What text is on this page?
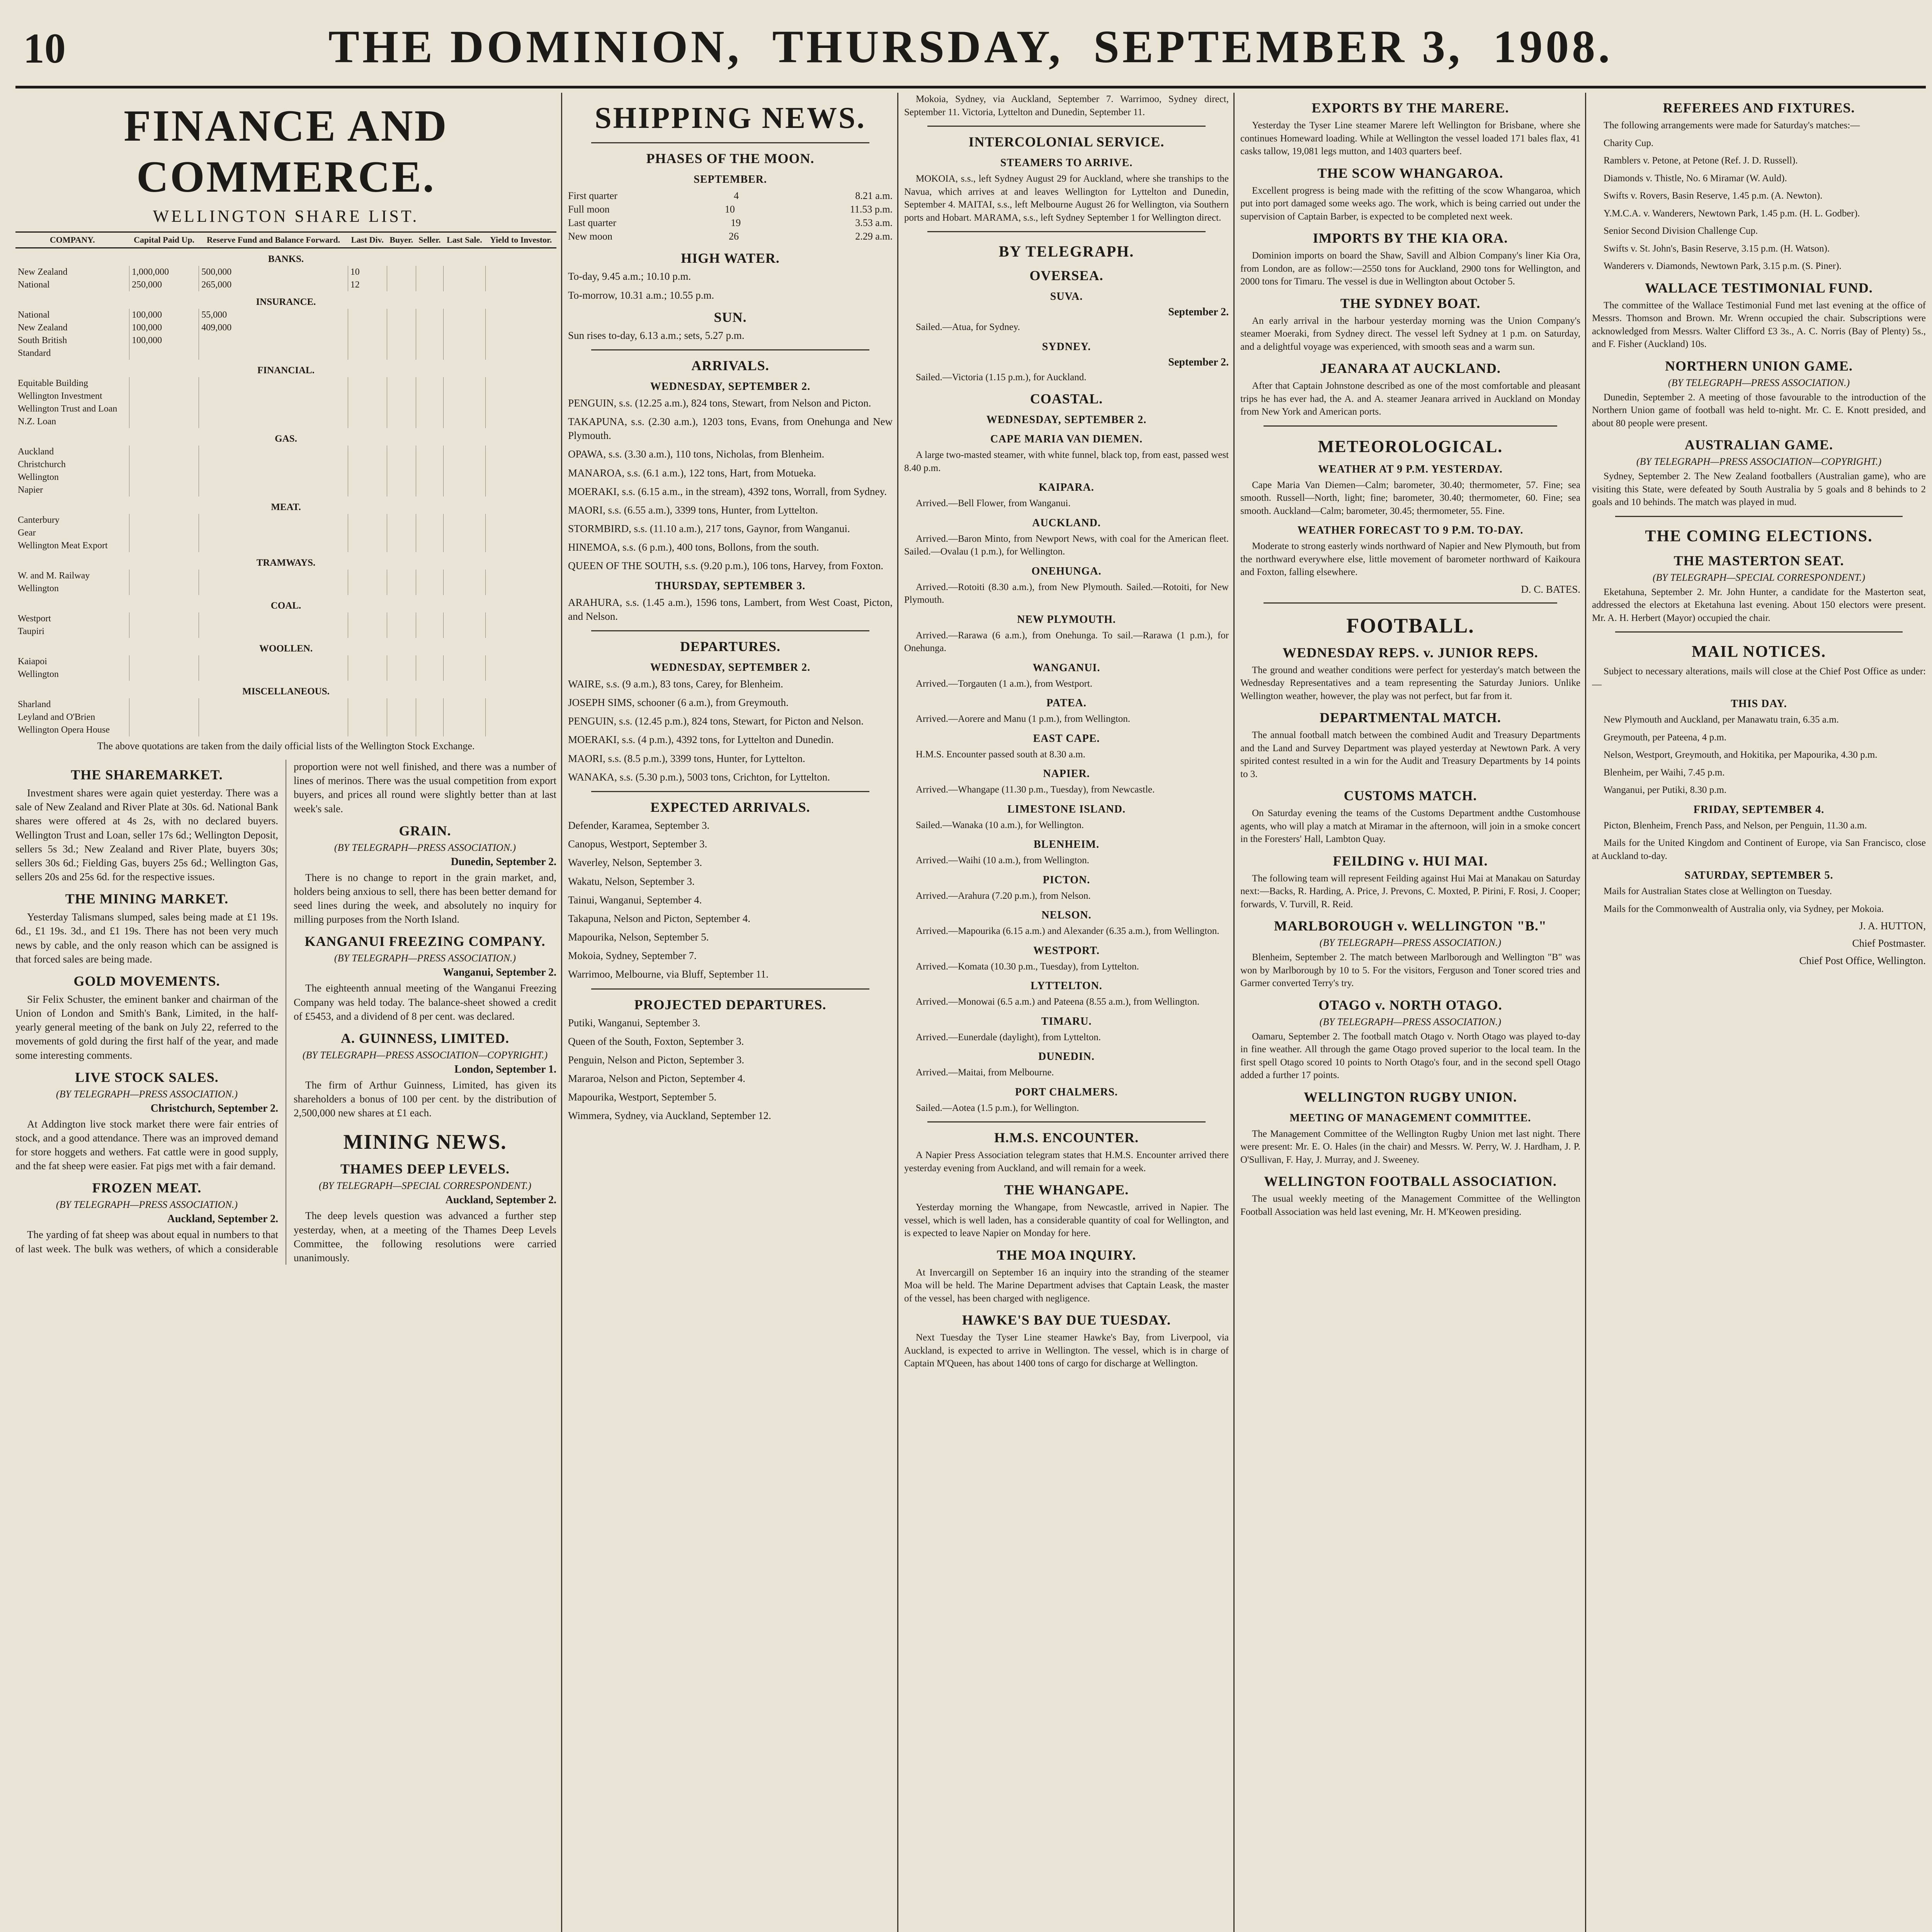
10	THE DOMINION, THURSDAY, SEPTEMBER 3, 1908.
FINANCE AND COMMERCE.
WELLINGTON SHARE LIST.
COMPANY.	Capital Paid Up.	Reserve Fund and Balance Forward.	Last Div.	Buyer.	Seller.	Last Sale.	Yield to Investor.
BANKS.							
New Zealand	1,000,000	500,000	10				
National	250,000	265,000	12				
INSURANCE.							
National	100,000	55,000					
New Zealand	100,000	409,000					
South British	100,000						
Standard							
FINANCIAL.							
Equitable Building							
Wellington Investment							
Wellington Trust and Loan							
N.Z. Loan							
GAS.							
Auckland							
Christchurch							
Wellington							
Napier							
MEAT.							
Canterbury							
Gear							
Wellington Meat Export							
TRAMWAYS.							
W. and M. Railway							
Wellington							
COAL.							
Westport							
Taupiri							
WOOLLEN.							
Kaiapoi							
Wellington							
MISCELLANEOUS.							
Sharland							
Leyland and O'Brien							
Wellington Opera House							
The above quotations are taken from the daily official lists of the Wellington Stock Exchange.
THE SHAREMARKET.

Investment shares were again quiet yesterday. There was a sale of New Zealand and River Plate at 30s. 6d. National Bank shares were offered at 4s 2s, with no declared buyers. Wellington Trust and Loan, seller 17s 6d.; Wellington Deposit, sellers 5s 3d.; New Zealand and River Plate, buyers 30s; sellers 30s 6d.; Fielding Gas, buyers 25s 6d.; Wellington Gas, sellers 20s and 25s 6d. for the respective issues.

THE MINING MARKET.

Yesterday Talismans slumped, sales being made at £1 19s. 6d., £1 19s. 3d., and £1 19s. There has not been very much news by cable, and the only reason which can be assigned is that forced sales are being made.

GOLD MOVEMENTS.

Sir Felix Schuster, the eminent banker and chairman of the Union of London and Smith's Bank, Limited, in the half-yearly general meeting of the bank on July 22, referred to the movements of gold during the first half of the year, and made some interesting comments.

LIVE STOCK SALES.
(BY TELEGRAPH—PRESS ASSOCIATION.)
Christchurch, September 2.

At Addington live stock market there were fair entries of stock, and a good attendance. There was an improved demand for store hoggets and wethers. Fat cattle were in good supply, and the fat sheep were easier. Fat pigs met with a fair demand.

FROZEN MEAT.
(BY TELEGRAPH—PRESS ASSOCIATION.)
Auckland, September 2.

The yarding of fat sheep was about equal in numbers to that of last week. The bulk was wethers, of which a considerable proportion were not well finished, and there was a number of lines of merinos. There was the usual competition from export buyers, and prices all round were slightly better than at last week's sale.

GRAIN.
(BY TELEGRAPH—PRESS ASSOCIATION.)
Dunedin, September 2.

There is no change to report in the grain market, and, holders being anxious to sell, there has been better demand for seed lines during the week, and absolutely no inquiry for milling purposes from the North Island.

KANGANUI FREEZING COMPANY.
(BY TELEGRAPH—PRESS ASSOCIATION.)
Wanganui, September 2.

The eighteenth annual meeting of the Wanganui Freezing Company was held today. The balance-sheet showed a credit of £5453, and a dividend of 8 per cent. was declared.

A. GUINNESS, LIMITED.
(BY TELEGRAPH—PRESS ASSOCIATION—COPYRIGHT.)
London, September 1.

The firm of Arthur Guinness, Limited, has given its shareholders a bonus of 100 per cent. by the distribution of 2,500,000 new shares at £1 each.

MINING NEWS.
THAMES DEEP LEVELS.
(BY TELEGRAPH—SPECIAL CORRESPONDENT.)
Auckland, September 2.

The deep levels question was advanced a further step yesterday, when, at a meeting of the Thames Deep Levels Committee, the following resolutions were carried unanimously.

SHIPPING NEWS.
PHASES OF THE MOON.
SEPTEMBER.
First quarter	4	8.21 a.m.
Full moon	10	11.53 p.m.
Last quarter	19	3.53 a.m.
New moon	26	2.29 a.m.
HIGH WATER.

To-day, 9.45 a.m.; 10.10 p.m.

To-morrow, 10.31 a.m.; 10.55 p.m.

SUN.

Sun rises to-day, 6.13 a.m.; sets, 5.27 p.m.

ARRIVALS.
WEDNESDAY, SEPTEMBER 2.

PENGUIN, s.s. (12.25 a.m.), 824 tons, Stewart, from Nelson and Picton.

TAKAPUNA, s.s. (2.30 a.m.), 1203 tons, Evans, from Onehunga and New Plymouth.

OPAWA, s.s. (3.30 a.m.), 110 tons, Nicholas, from Blenheim.

MANAROA, s.s. (6.1 a.m.), 122 tons, Hart, from Motueka.

MOERAKI, s.s. (6.15 a.m., in the stream), 4392 tons, Worrall, from Sydney.

MAORI, s.s. (6.55 a.m.), 3399 tons, Hunter, from Lyttelton.

STORMBIRD, s.s. (11.10 a.m.), 217 tons, Gaynor, from Wanganui.

HINEMOA, s.s. (6 p.m.), 400 tons, Bollons, from the south.

QUEEN OF THE SOUTH, s.s. (9.20 p.m.), 106 tons, Harvey, from Foxton.

THURSDAY, SEPTEMBER 3.

ARAHURA, s.s. (1.45 a.m.), 1596 tons, Lambert, from West Coast, Picton, and Nelson.

DEPARTURES.
WEDNESDAY, SEPTEMBER 2.

WAIRE, s.s. (9 a.m.), 83 tons, Carey, for Blenheim.

JOSEPH SIMS, schooner (6 a.m.), from Greymouth.

PENGUIN, s.s. (12.45 p.m.), 824 tons, Stewart, for Picton and Nelson.

MOERAKI, s.s. (4 p.m.), 4392 tons, for Lyttelton and Dunedin.

MAORI, s.s. (8.5 p.m.), 3399 tons, Hunter, for Lyttelton.

WANAKA, s.s. (5.30 p.m.), 5003 tons, Crichton, for Lyttelton.

EXPECTED ARRIVALS.

Defender, Karamea, September 3.

Canopus, Westport, September 3.

Waverley, Nelson, September 3.

Wakatu, Nelson, September 3.

Tainui, Wanganui, September 4.

Takapuna, Nelson and Picton, September 4.

Mapourika, Nelson, September 5.

Mokoia, Sydney, September 7.

Warrimoo, Melbourne, via Bluff, September 11.

PROJECTED DEPARTURES.

Putiki, Wanganui, September 3.

Queen of the South, Foxton, September 3.

Penguin, Nelson and Picton, September 3.

Mararoa, Nelson and Picton, September 4.

Mapourika, Westport, September 5.

Wimmera, Sydney, via Auckland, September 12.

Mokoia, Sydney, via Auckland, September 7. Warrimoo, Sydney direct, September 11. Victoria, Lyttelton and Dunedin, September 11.

INTERCOLONIAL SERVICE.
STEAMERS TO ARRIVE.

MOKOIA, s.s., left Sydney August 29 for Auckland, where she tranships to the Navua, which arrives at and leaves Wellington for Lyttelton and Dunedin, September 4. MAITAI, s.s., left Melbourne August 26 for Wellington, via Southern ports and Hobart. MARAMA, s.s., left Sydney September 1 for Wellington direct.

BY TELEGRAPH.
OVERSEA.
SUVA.
September 2.

Sailed.—Atua, for Sydney.

SYDNEY.
September 2.

Sailed.—Victoria (1.15 p.m.), for Auckland.

COASTAL.
WEDNESDAY, SEPTEMBER 2.
CAPE MARIA VAN DIEMEN.

A large two-masted steamer, with white funnel, black top, from east, passed west 8.40 p.m.

KAIPARA.

Arrived.—Bell Flower, from Wanganui.

AUCKLAND.

Arrived.—Baron Minto, from Newport News, with coal for the American fleet. Sailed.—Ovalau (1 p.m.), for Wellington.

ONEHUNGA.

Arrived.—Rotoiti (8.30 a.m.), from New Plymouth. Sailed.—Rotoiti, for New Plymouth.

NEW PLYMOUTH.

Arrived.—Rarawa (6 a.m.), from Onehunga. To sail.—Rarawa (1 p.m.), for Onehunga.

WANGANUI.

Arrived.—Torgauten (1 a.m.), from Westport.

PATEA.

Arrived.—Aorere and Manu (1 p.m.), from Wellington.

EAST CAPE.

H.M.S. Encounter passed south at 8.30 a.m.

NAPIER.

Arrived.—Whangape (11.30 p.m., Tuesday), from Newcastle.

LIMESTONE ISLAND.

Sailed.—Wanaka (10 a.m.), for Wellington.

BLENHEIM.

Arrived.—Waihi (10 a.m.), from Wellington.

PICTON.

Arrived.—Arahura (7.20 p.m.), from Nelson.

NELSON.

Arrived.—Mapourika (6.15 a.m.) and Alexander (6.35 a.m.), from Wellington.

WESTPORT.

Arrived.—Komata (10.30 p.m., Tuesday), from Lyttelton.

LYTTELTON.

Arrived.—Monowai (6.5 a.m.) and Pateena (8.55 a.m.), from Wellington.

TIMARU.

Arrived.—Eunerdale (daylight), from Lyttelton.

DUNEDIN.

Arrived.—Maitai, from Melbourne.

PORT CHALMERS.

Sailed.—Aotea (1.5 p.m.), for Wellington.

H.M.S. ENCOUNTER.

A Napier Press Association telegram states that H.M.S. Encounter arrived there yesterday evening from Auckland, and will remain for a week.

THE WHANGAPE.

Yesterday morning the Whangape, from Newcastle, arrived in Napier. The vessel, which is well laden, has a considerable quantity of coal for Wellington, and is expected to leave Napier on Monday for here.

THE MOA INQUIRY.

At Invercargill on September 16 an inquiry into the stranding of the steamer Moa will be held. The Marine Department advises that Captain Leask, the master of the vessel, has been charged with negligence.

HAWKE'S BAY DUE TUESDAY.

Next Tuesday the Tyser Line steamer Hawke's Bay, from Liverpool, via Auckland, is expected to arrive in Wellington. The vessel, which is in charge of Captain M'Queen, has about 1400 tons of cargo for discharge at Wellington.

EXPORTS BY THE MARERE.

Yesterday the Tyser Line steamer Marere left Wellington for Brisbane, where she continues Homeward loading. While at Wellington the vessel loaded 171 bales flax, 41 casks tallow, 19,081 legs mutton, and 1403 quarters beef.

THE SCOW WHANGAROA.

Excellent progress is being made with the refitting of the scow Whangaroa, which put into port damaged some weeks ago. The work, which is being carried out under the supervision of Captain Barber, is expected to be completed next week.

IMPORTS BY THE KIA ORA.

Dominion imports on board the Shaw, Savill and Albion Company's liner Kia Ora, from London, are as follow:—2550 tons for Auckland, 2900 tons for Wellington, and 2000 tons for Timaru. The vessel is due in Wellington about October 5.

THE SYDNEY BOAT.

An early arrival in the harbour yesterday morning was the Union Company's steamer Moeraki, from Sydney direct. The vessel left Sydney at 1 p.m. on Saturday, and a delightful voyage was experienced, with smooth seas and a warm sun.

JEANARA AT AUCKLAND.

After that Captain Johnstone described as one of the most comfortable and pleasant trips he has ever had, the A. and A. steamer Jeanara arrived in Auckland on Monday from New York and American ports.

METEOROLOGICAL.
WEATHER AT 9 P.M. YESTERDAY.

Cape Maria Van Diemen—Calm; barometer, 30.40; thermometer, 57. Fine; sea smooth. Russell—North, light; fine; barometer, 30.40; thermometer, 60. Fine; sea smooth. Auckland—Calm; barometer, 30.45; thermometer, 55. Fine.

WEATHER FORECAST TO 9 P.M. TO-DAY.

Moderate to strong easterly winds northward of Napier and New Plymouth, but from the northward everywhere else, little movement of barometer northward of Kaikoura and Foxton, falling elsewhere.

D. C. BATES.
FOOTBALL.
WEDNESDAY REPS. v. JUNIOR REPS.

The ground and weather conditions were perfect for yesterday's match between the Wednesday Representatives and a team representing the Saturday Juniors. Unlike Wellington weather, however, the play was not perfect, but far from it.

DEPARTMENTAL MATCH.

The annual football match between the combined Audit and Treasury Departments and the Land and Survey Department was played yesterday at Newtown Park. A very spirited contest resulted in a win for the Audit and Treasury Departments by 14 points to 3.

CUSTOMS MATCH.

On Saturday evening the teams of the Customs Department andthe Customhouse agents, who will play a match at Miramar in the afternoon, will join in a smoke concert in the Foresters' Hall, Lambton Quay.

FEILDING v. HUI MAI.

The following team will represent Feilding against Hui Mai at Manakau on Saturday next:—Backs, R. Harding, A. Price, J. Prevons, C. Moxted, P. Pirini, F. Rosi, J. Cooper; forwards, V. Turvill, R. Reid.

MARLBOROUGH v. WELLINGTON "B."
(BY TELEGRAPH—PRESS ASSOCIATION.)

Blenheim, September 2. The match between Marlborough and Wellington "B" was won by Marlborough by 10 to 5. For the visitors, Ferguson and Toner scored tries and Garmer converted Terry's try.

OTAGO v. NORTH OTAGO.
(BY TELEGRAPH—PRESS ASSOCIATION.)

Oamaru, September 2. The football match Otago v. North Otago was played to-day in fine weather. All through the game Otago proved superior to the local team. In the first spell Otago scored 10 points to North Otago's four, and in the second spell Otago added a further 17 points.

WELLINGTON RUGBY UNION.
MEETING OF MANAGEMENT COMMITTEE.

The Management Committee of the Wellington Rugby Union met last night. There were present: Mr. E. O. Hales (in the chair) and Messrs. W. Perry, W. J. Hardham, J. P. O'Sullivan, F. Hay, J. Murray, and J. Sweeney.

WELLINGTON FOOTBALL ASSOCIATION.

The usual weekly meeting of the Management Committee of the Wellington Football Association was held last evening, Mr. H. M'Keowen presiding.

REFEREES AND FIXTURES.

The following arrangements were made for Saturday's matches:—

Charity Cup.

Ramblers v. Petone, at Petone (Ref. J. D. Russell).

Diamonds v. Thistle, No. 6 Miramar (W. Auld).

Swifts v. Rovers, Basin Reserve, 1.45 p.m. (A. Newton).

Y.M.C.A. v. Wanderers, Newtown Park, 1.45 p.m. (H. L. Godber).

Senior Second Division Challenge Cup.

Swifts v. St. John's, Basin Reserve, 3.15 p.m. (H. Watson).

Wanderers v. Diamonds, Newtown Park, 3.15 p.m. (S. Piner).

WALLACE TESTIMONIAL FUND.

The committee of the Wallace Testimonial Fund met last evening at the office of Messrs. Thomson and Brown. Mr. Wrenn occupied the chair. Subscriptions were acknowledged from Messrs. Walter Clifford £3 3s., A. C. Norris (Bay of Plenty) 5s., and F. Fisher (Auckland) 10s.

NORTHERN UNION GAME.
(BY TELEGRAPH—PRESS ASSOCIATION.)

Dunedin, September 2. A meeting of those favourable to the introduction of the Northern Union game of football was held to-night. Mr. C. E. Knott presided, and about 80 people were present.

AUSTRALIAN GAME.
(BY TELEGRAPH—PRESS ASSOCIATION—COPYRIGHT.)

Sydney, September 2. The New Zealand footballers (Australian game), who are visiting this State, were defeated by South Australia by 5 goals and 8 behinds to 2 goals and 10 behinds. The match was played in mud.

THE COMING ELECTIONS.
THE MASTERTON SEAT.
(BY TELEGRAPH—SPECIAL CORRESPONDENT.)

Eketahuna, September 2. Mr. John Hunter, a candidate for the Masterton seat, addressed the electors at Eketahuna last evening. About 150 electors were present. Mr. A. H. Herbert (Mayor) occupied the chair.

MAIL NOTICES.

Subject to necessary alterations, mails will close at the Chief Post Office as under:—

THIS DAY.

New Plymouth and Auckland, per Manawatu train, 6.35 a.m.

Greymouth, per Pateena, 4 p.m.

Nelson, Westport, Greymouth, and Hokitika, per Mapourika, 4.30 p.m.

Blenheim, per Waihi, 7.45 p.m.

Wanganui, per Putiki, 8.30 p.m.

FRIDAY, SEPTEMBER 4.

Picton, Blenheim, French Pass, and Nelson, per Penguin, 11.30 a.m.

Mails for the United Kingdom and Continent of Europe, via San Francisco, close at Auckland to-day.

SATURDAY, SEPTEMBER 5.

Mails for Australian States close at Wellington on Tuesday.

Mails for the Commonwealth of Australia only, via Sydney, per Mokoia.

J. A. HUTTON,
Chief Postmaster.
Chief Post Office, Wellington.
